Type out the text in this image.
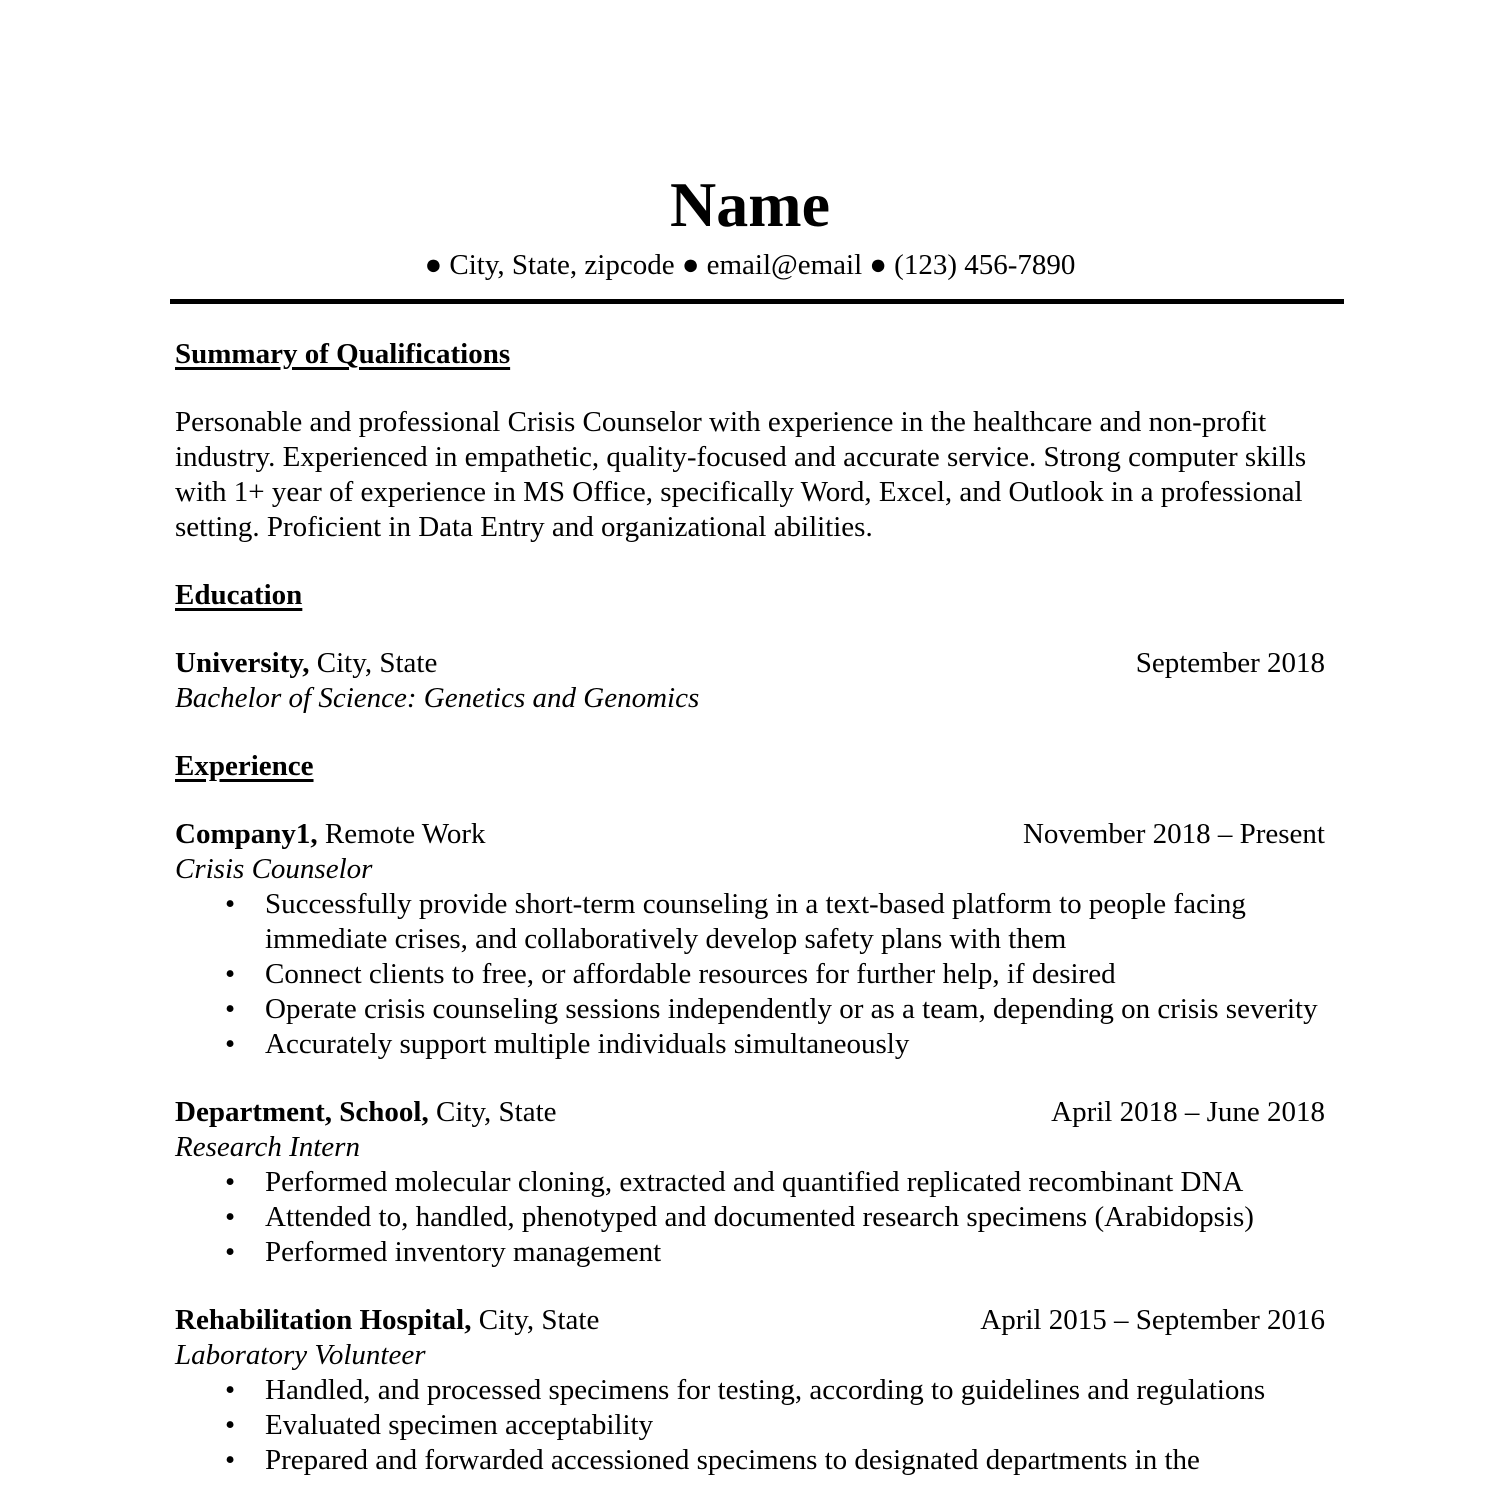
Name
● City, State, zipcode ● email@email ● (123) 456-7890
Summary of Qualifications

Personable and professional Crisis Counselor with experience in the healthcare and non-profit industry. Experienced in empathetic, quality-focused and accurate service. Strong computer skills with 1+ year of experience in MS Office, specifically Word, Excel, and Outlook in a professional setting. Proficient in Data Entry and organizational abilities.

Education
University, City, State	September 2018
Bachelor of Science: Genetics and Genomics
Experience
Company1, Remote Work	November 2018 – Present
Crisis Counselor
• Successfully provide short-term counseling in a text-based platform to people facing immediate crises, and collaboratively develop safety plans with them
• Connect clients to free, or affordable resources for further help, if desired
• Operate crisis counseling sessions independently or as a team, depending on crisis severity
• Accurately support multiple individuals simultaneously
Department, School, City, State	April 2018 – June 2018
Research Intern
• Performed molecular cloning, extracted and quantified replicated recombinant DNA
• Attended to, handled, phenotyped and documented research specimens (Arabidopsis)
• Performed inventory management
Rehabilitation Hospital, City, State	April 2015 – September 2016
Laboratory Volunteer
• Handled, and processed specimens for testing, according to guidelines and regulations
• Evaluated specimen acceptability
• Prepared and forwarded accessioned specimens to designated departments in the
